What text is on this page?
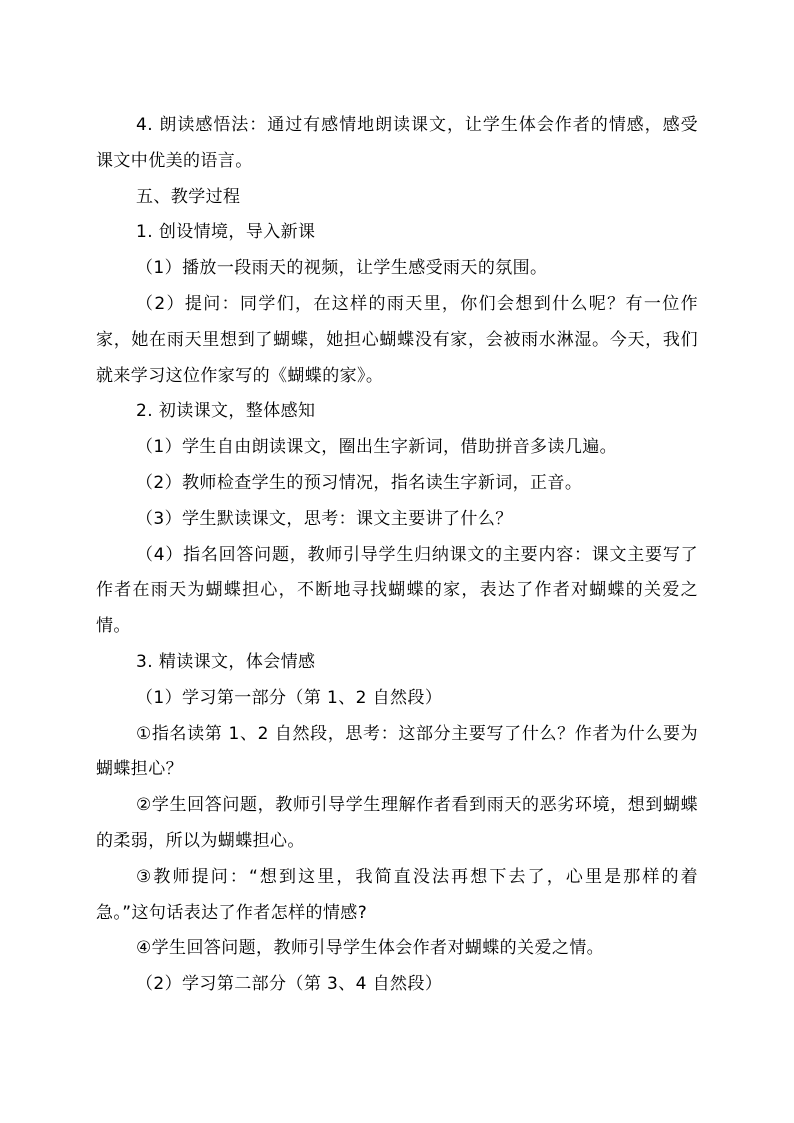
4. 朗读感悟法：通过有感情地朗读课文，让学生体会作者的情感，感受课文中优美的语言。

五、教学过程

1. 创设情境，导入新课

（1）播放一段雨天的视频，让学生感受雨天的氛围。

（2）提问：同学们，在这样的雨天里，你们会想到什么呢？有一位作家，她在雨天里想到了蝴蝶，她担心蝴蝶没有家，会被雨水淋湿。今天，我们就来学习这位作家写的《蝴蝶的家》。

2. 初读课文，整体感知

（1）学生自由朗读课文，圈出生字新词，借助拼音多读几遍。

（2）教师检查学生的预习情况，指名读生字新词，正音。

（3）学生默读课文，思考：课文主要讲了什么？

（4）指名回答问题，教师引导学生归纳课文的主要内容：课文主要写了作者在雨天为蝴蝶担心，不断地寻找蝴蝶的家，表达了作者对蝴蝶的关爱之情。

3. 精读课文，体会情感

（1）学习第一部分（第 1、2 自然段）

①指名读第 1、2 自然段，思考：这部分主要写了什么？作者为什么要为蝴蝶担心？

②学生回答问题，教师引导学生理解作者看到雨天的恶劣环境，想到蝴蝶的柔弱，所以为蝴蝶担心。

③教师提问：“想到这里，我简直没法再想下去了，心里是那样的着急。”这句话表达了作者怎样的情感?

④学生回答问题，教师引导学生体会作者对蝴蝶的关爱之情。

（2）学习第二部分（第 3、4 自然段）
